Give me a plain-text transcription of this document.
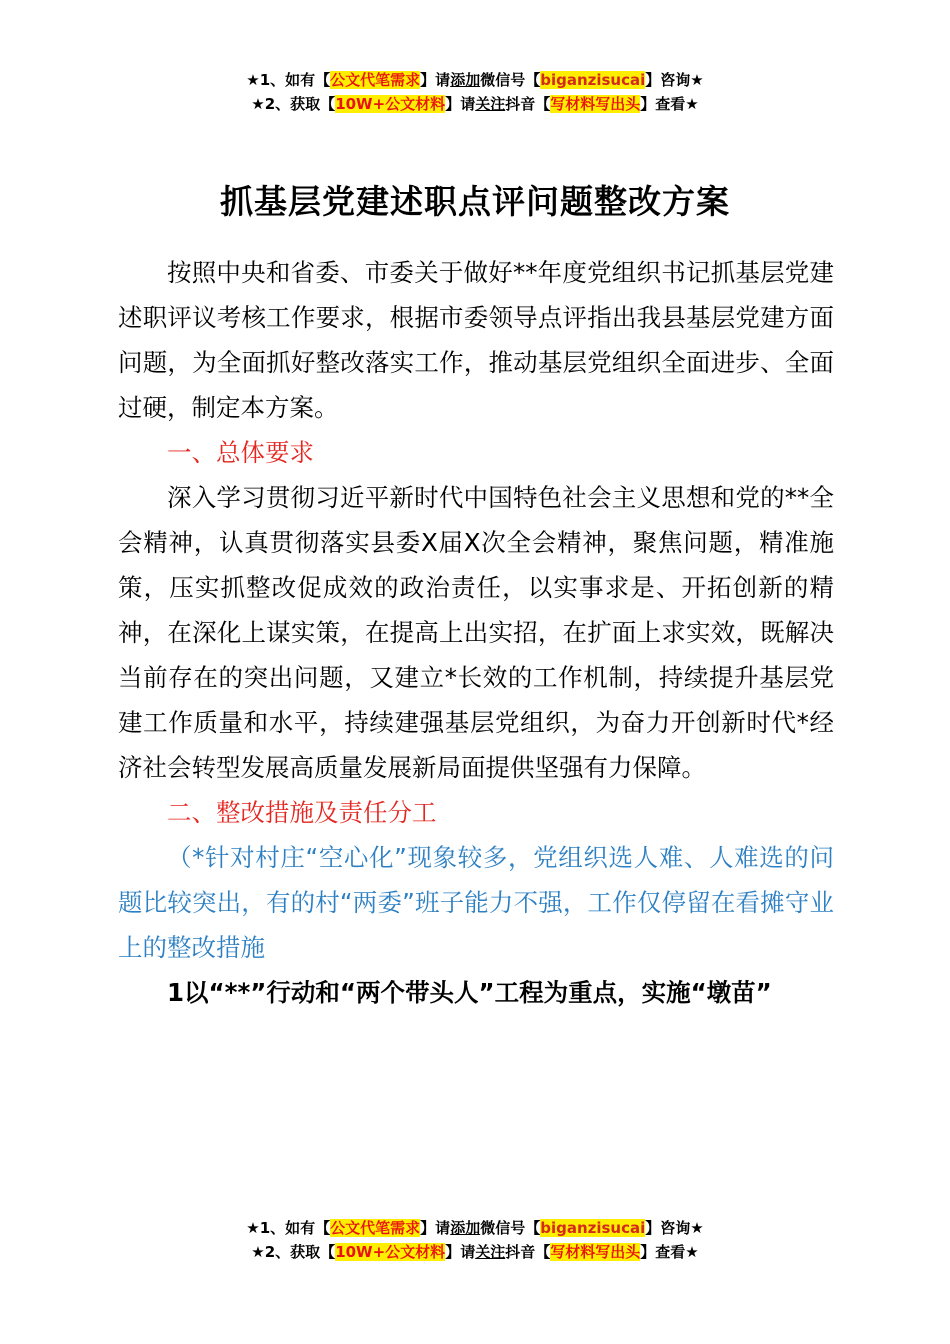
★1、如有【公文代笔需求】请添加微信号【biganzisucai】咨询★
★2、获取【10W+公文材料】请关注抖音【写材料写出头】查看★
抓基层党建述职点评问题整改方案

按照中央和省委、市委关于做好**年度党组织书记抓基层党建述职评议考核工作要求，根据市委领导点评指出我县基层党建方面问题，为全面抓好整改落实工作，推动基层党组织全面进步、全面过硬，制定本方案。

一、总体要求

深入学习贯彻习近平新时代中国特色社会主义思想和党的**全会精神，认真贯彻落实县委X届X次全会精神，聚焦问题，精准施策，压实抓整改促成效的政治责任，以实事求是、开拓创新的精神，在深化上谋实策，在提高上出实招，在扩面上求实效，既解决当前存在的突出问题，又建立*长效的工作机制，持续提升基层党建工作质量和水平，持续建强基层党组织，为奋力开创新时代*经济社会转型发展高质量发展新局面提供坚强有力保障。

二、整改措施及责任分工

（*针对村庄“空心化”现象较多，党组织选人难、人难选的问题比较突出，有的村“两委”班子能力不强，工作仅停留在看摊守业上的整改措施

1以“**”行动和“两个带头人”工程为重点，实施“墩苗”

★1、如有【公文代笔需求】请添加微信号【biganzisucai】咨询★
★2、获取【10W+公文材料】请关注抖音【写材料写出头】查看★
